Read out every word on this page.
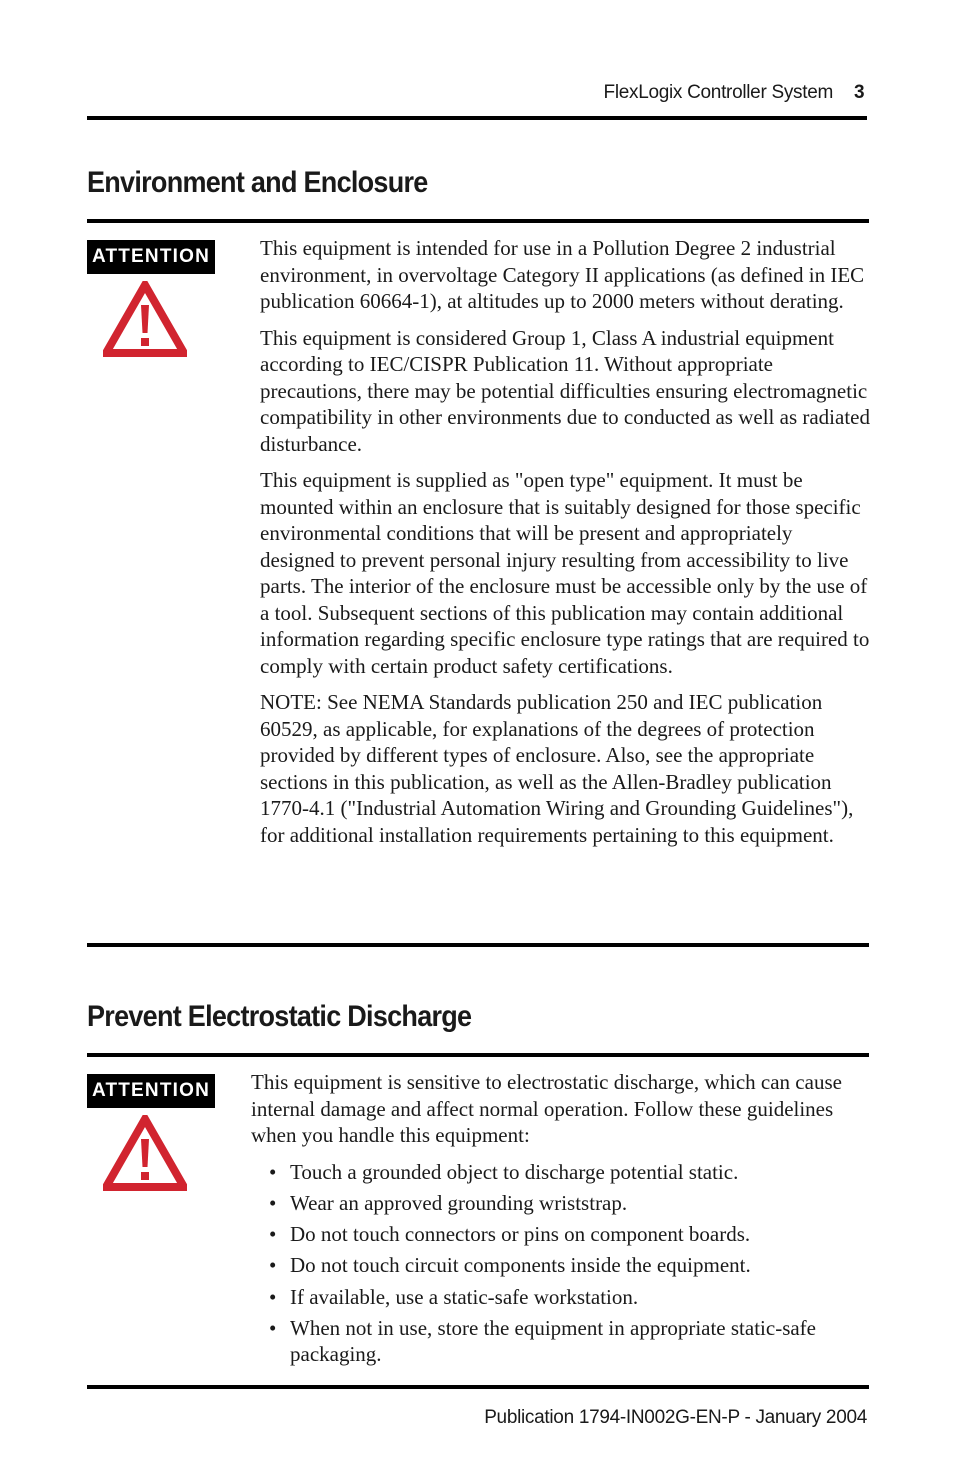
FlexLogix Controller System 3
Environment and Enclosure
ATTENTION This equipment is intended for use in a Pollution Degree 2 industrial environment, in overvoltage Category II applications (as defined in IEC publication 60664-1), at altitudes up to 2000 meters without derating.

This equipment is considered Group 1, Class A industrial equipment according to IEC/CISPR Publication 11. Without appropriate precautions, there may be potential difficulties ensuring electromagnetic compatibility in other environments due to conducted as well as radiated disturbance.

This equipment is supplied as "open type" equipment. It must be mounted within an enclosure that is suitably designed for those specific environmental conditions that will be present and appropriately designed to prevent personal injury resulting from accessibility to live parts. The interior of the enclosure must be accessible only by the use of a tool. Subsequent sections of this publication may contain additional information regarding specific enclosure type ratings that are required to comply with certain product safety certifications.

NOTE: See NEMA Standards publication 250 and IEC publication 60529, as applicable, for explanations of the degrees of protection provided by different types of enclosure. Also, see the appropriate sections in this publication, as well as the Allen-Bradley publication 1770-4.1 ("Industrial Automation Wiring and Grounding Guidelines"), for additional installation requirements pertaining to this equipment.

Prevent Electrostatic Discharge
ATTENTION This equipment is sensitive to electrostatic discharge, which can cause internal damage and affect normal operation. Follow these guidelines when you handle this equipment:

• Touch a grounded object to discharge potential static.
• Wear an approved grounding wriststrap.
• Do not touch connectors or pins on component boards.
• Do not touch circuit components inside the equipment.
• If available, use a static-safe workstation.
• When not in use, store the equipment in appropriate static-safe packaging.
Publication 1794-IN002G-EN-P - January 2004
